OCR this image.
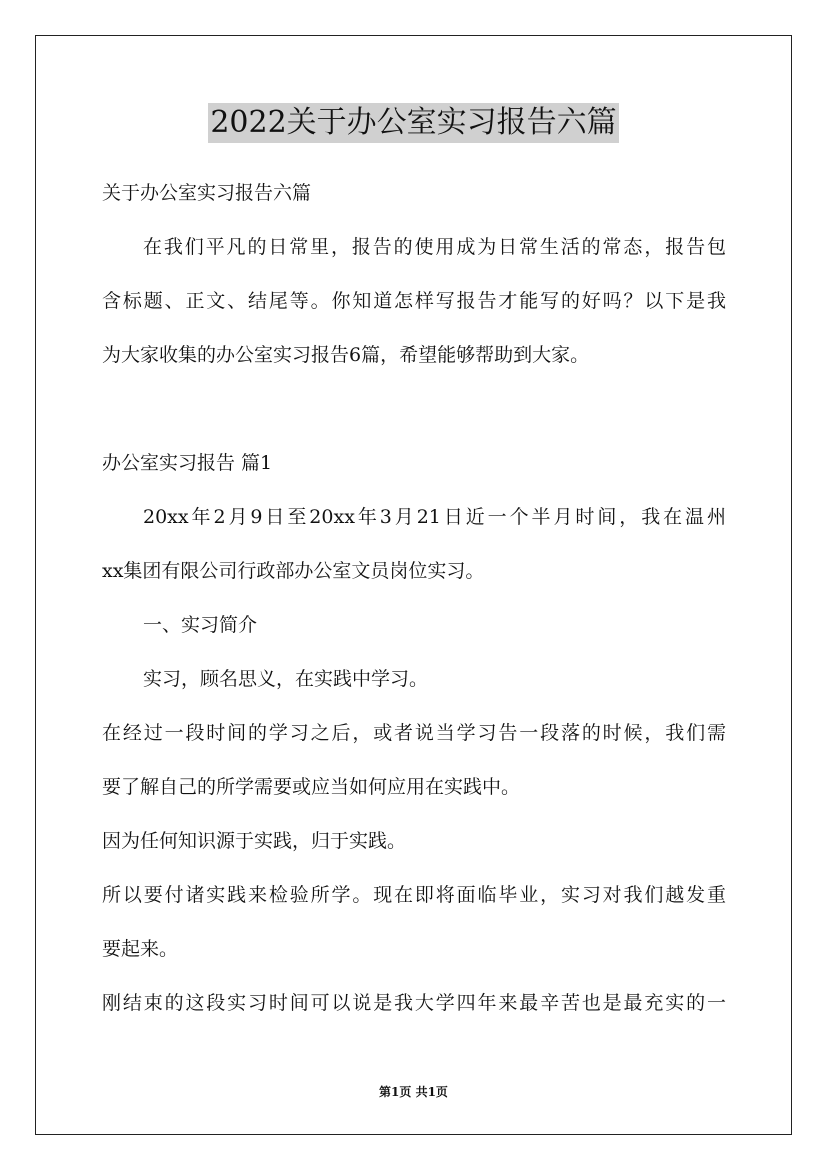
2022关于办公室实习报告六篇

关于办公室实习报告六篇

在我们平凡的日常里，报告的使用成为日常生活的常态，报告包

含标题、正文、结尾等。你知道怎样写报告才能写的好吗？以下是我

为大家收集的办公室实习报告6篇，希望能够帮助到大家。

办公室实习报告 篇1

20xx年2月9日至20xx年3月21日近一个半月时间，我在温州

xx集团有限公司行政部办公室文员岗位实习。

一、实习简介

实习，顾名思义，在实践中学习。

在经过一段时间的学习之后，或者说当学习告一段落的时候，我们需

要了解自己的所学需要或应当如何应用在实践中。

因为任何知识源于实践，归于实践。

所以要付诸实践来检验所学。现在即将面临毕业，实习对我们越发重

要起来。

刚结束的这段实习时间可以说是我大学四年来最辛苦也是最充实的一

第1页 共1页
